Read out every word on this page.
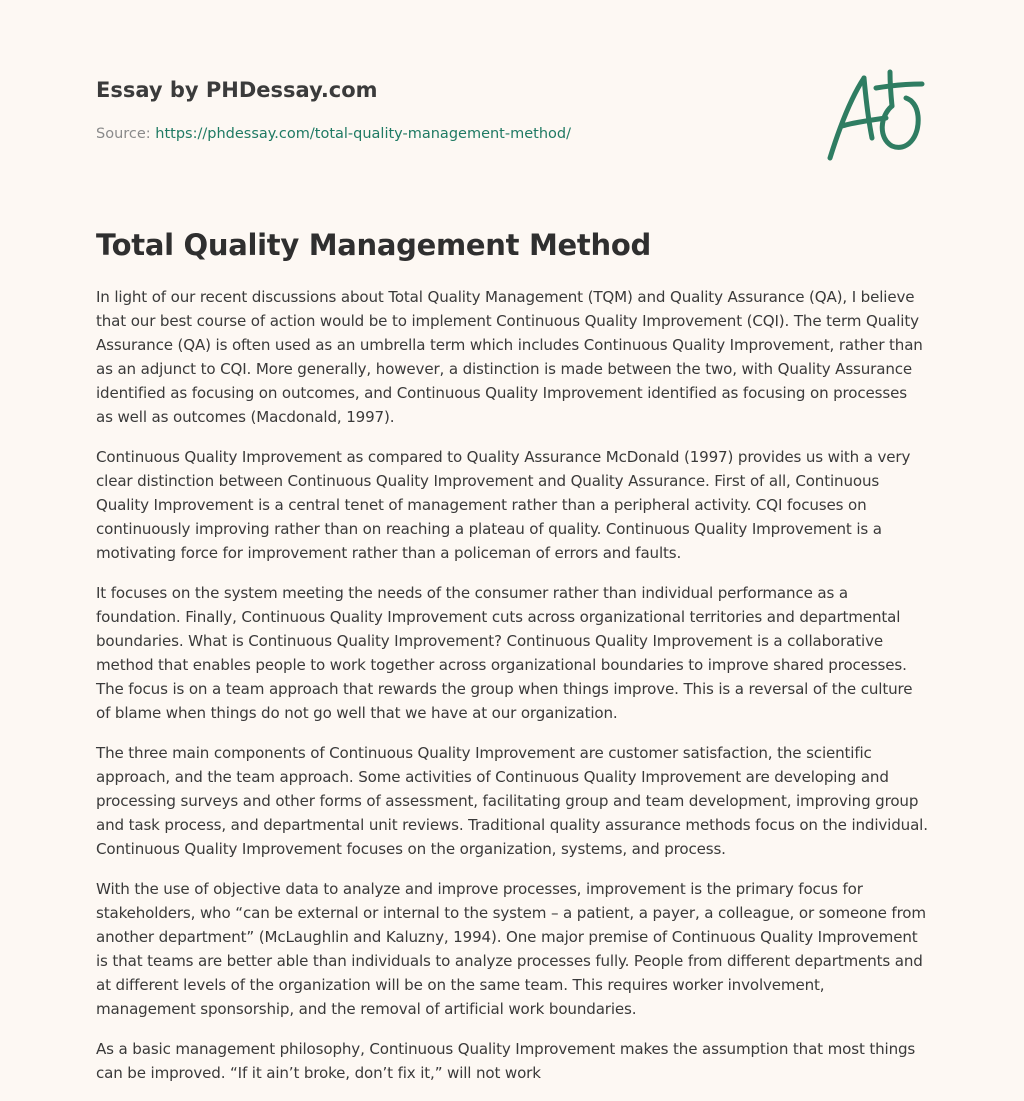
Essay by PHDessay.com
Source: https://phdessay.com/total-quality-management-method/
Total Quality Management Method

In light of our recent discussions about Total Quality Management (TQM) and Quality Assurance (QA), I believe that our best course of action would be to implement Continuous Quality Improvement (CQI). The term Quality Assurance (QA) is often used as an umbrella term which includes Continuous Quality Improvement, rather than as an adjunct to CQI. More generally, however, a distinction is made between the two, with Quality Assurance identified as focusing on outcomes, and Continuous Quality Improvement identified as focusing on processes as well as outcomes (Macdonald, 1997).

Continuous Quality Improvement as compared to Quality Assurance McDonald (1997) provides us with a very clear distinction between Continuous Quality Improvement and Quality Assurance. First of all, Continuous Quality Improvement is a central tenet of management rather than a peripheral activity. CQI focuses on continuously improving rather than on reaching a plateau of quality. Continuous Quality Improvement is a motivating force for improvement rather than a policeman of errors and faults.

It focuses on the system meeting the needs of the consumer rather than individual performance as a foundation. Finally, Continuous Quality Improvement cuts across organizational territories and departmental boundaries. What is Continuous Quality Improvement? Continuous Quality Improvement is a collaborative method that enables people to work together across organizational boundaries to improve shared processes. The focus is on a team approach that rewards the group when things improve. This is a reversal of the culture of blame when things do not go well that we have at our organization.

The three main components of Continuous Quality Improvement are customer satisfaction, the scientific approach, and the team approach. Some activities of Continuous Quality Improvement are developing and processing surveys and other forms of assessment, facilitating group and team development, improving group and task process, and departmental unit reviews. Traditional quality assurance methods focus on the individual. Continuous Quality Improvement focuses on the organization, systems, and process.

With the use of objective data to analyze and improve processes, improvement is the primary focus for stakeholders, who “can be external or internal to the system – a patient, a payer, a colleague, or someone from another department” (McLaughlin and Kaluzny, 1994). One major premise of Continuous Quality Improvement is that teams are better able than individuals to analyze processes fully. People from different departments and at different levels of the organization will be on the same team. This requires worker involvement, management sponsorship, and the removal of artificial work boundaries.

As a basic management philosophy, Continuous Quality Improvement makes the assumption that most things can be improved. “If it ain’t broke, don’t fix it,” will not work
